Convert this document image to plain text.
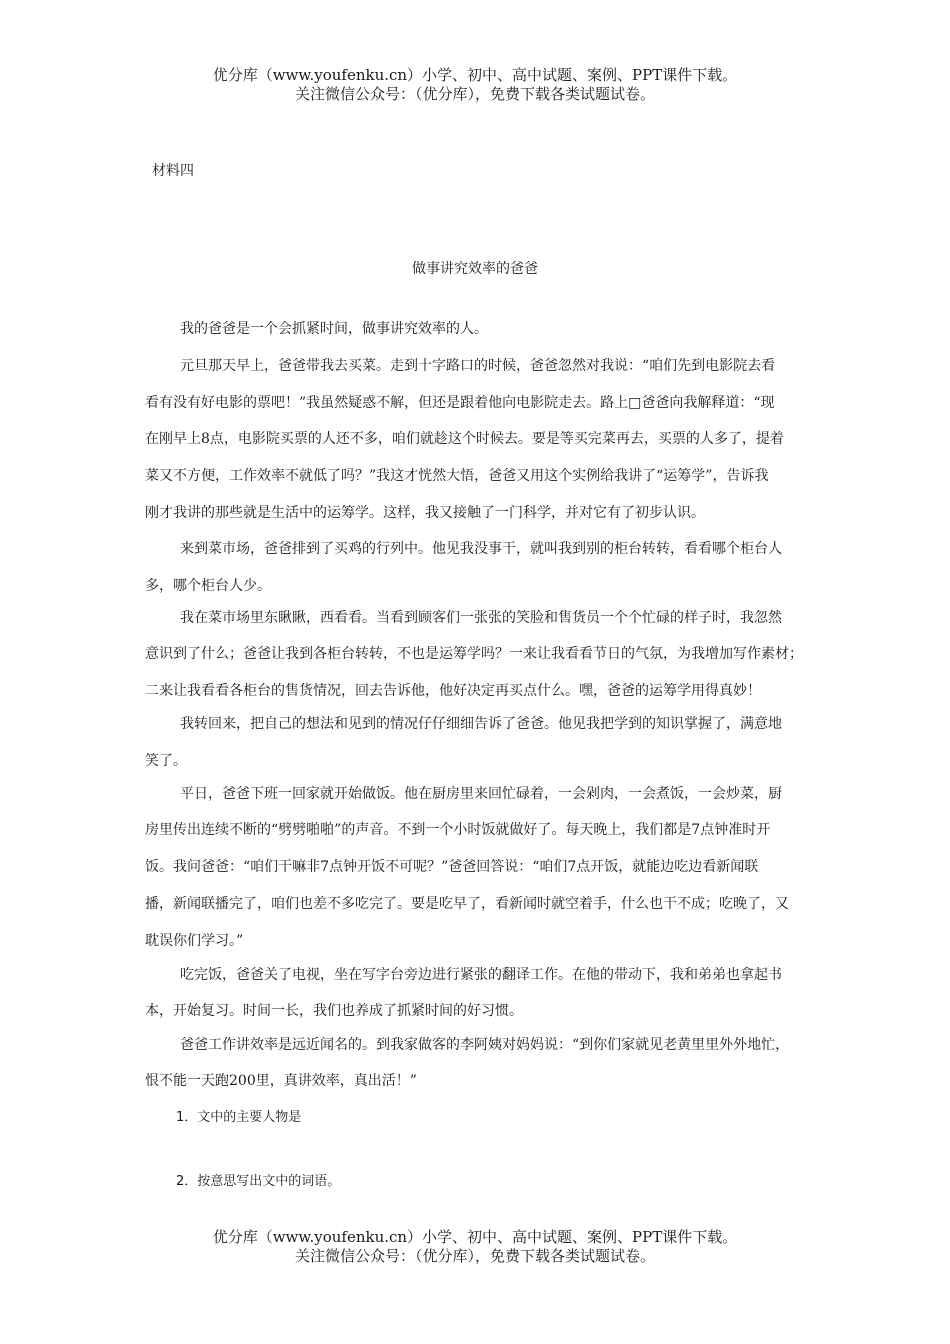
优分库（www.youfenku.cn）小学、初中、高中试题、案例、PPT课件下载。
关注微信公众号：（优分库），免费下载各类试题试卷。
材料四
做事讲究效率的爸爸
我的爸爸是一个会抓紧时间，做事讲究效率的人。
元旦那天早上，爸爸带我去买菜。走到十字路口的时候，爸爸忽然对我说：“咱们先到电影院去看
看有没有好电影的票吧！”我虽然疑惑不解，但还是跟着他向电影院走去。路上□爸爸向我解释道：“现
在刚早上8点，电影院买票的人还不多，咱们就趁这个时候去。要是等买完菜再去，买票的人多了，提着
菜又不方便，工作效率不就低了吗？”我这才恍然大悟，爸爸又用这个实例给我讲了“运筹学”，告诉我
刚才我讲的那些就是生活中的运筹学。这样，我又接触了一门科学，并对它有了初步认识。
来到菜市场，爸爸排到了买鸡的行列中。他见我没事干，就叫我到别的柜台转转，看看哪个柜台人
多，哪个柜台人少。
我在菜市场里东瞅瞅，西看看。当看到顾客们一张张的笑脸和售货员一个个忙碌的样子时，我忽然
意识到了什么；爸爸让我到各柜台转转，不也是运筹学吗？一来让我看看节日的气氛，为我增加写作素材；
二来让我看看各柜台的售货情况，回去告诉他，他好决定再买点什么。嘿，爸爸的运筹学用得真妙！
我转回来，把自己的想法和见到的情况仔仔细细告诉了爸爸。他见我把学到的知识掌握了，满意地
笑了。
平日，爸爸下班一回家就开始做饭。他在厨房里来回忙碌着，一会剁肉，一会煮饭，一会炒菜，厨
房里传出连续不断的“劈劈啪啪”的声音。不到一个小时饭就做好了。每天晚上，我们都是7点钟准时开
饭。我问爸爸：“咱们干嘛非7点钟开饭不可呢？”爸爸回答说：“咱们7点开饭，就能边吃边看新闻联
播，新闻联播完了，咱们也差不多吃完了。要是吃早了，看新闻时就空着手，什么也干不成；吃晚了，又
耽误你们学习。”
吃完饭，爸爸关了电视，坐在写字台旁边进行紧张的翻译工作。在他的带动下，我和弟弟也拿起书
本，开始复习。时间一长，我们也养成了抓紧时间的好习惯。
爸爸工作讲效率是远近闻名的。到我家做客的李阿姨对妈妈说：“到你们家就见老黄里里外外地忙，
恨不能一天跑200里，真讲效率，真出活！”
1．文中的主要人物是
2．按意思写出文中的词语。
优分库（www.youfenku.cn）小学、初中、高中试题、案例、PPT课件下载。
关注微信公众号：（优分库），免费下载各类试题试卷。
